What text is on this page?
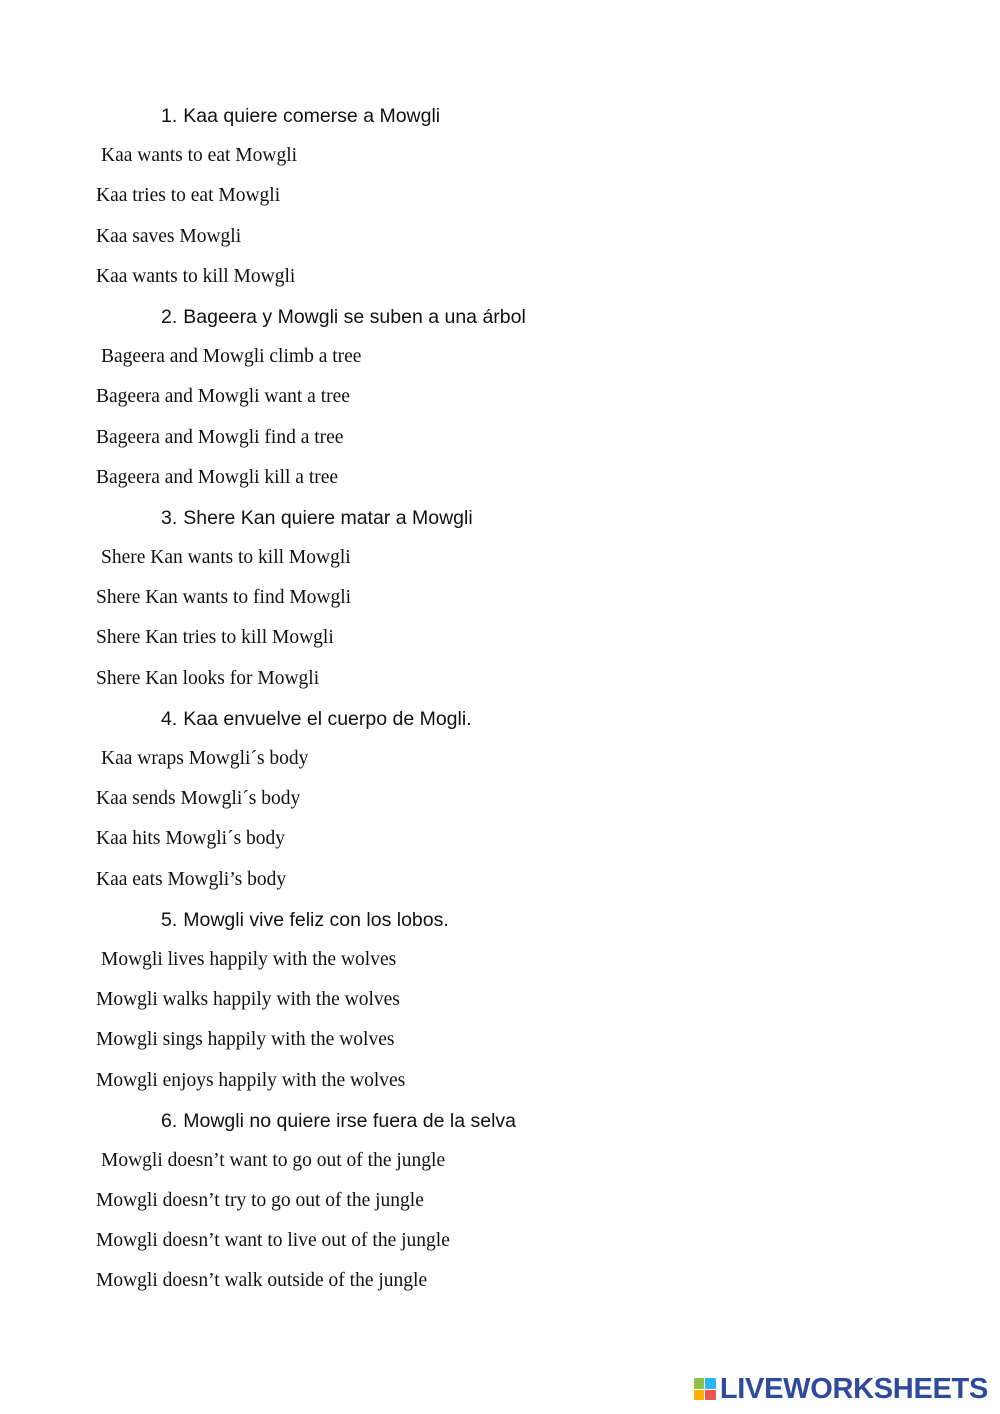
1. Kaa quiere comerse a Mowgli
Kaa wants to eat Mowgli
Kaa tries to eat Mowgli
Kaa saves Mowgli
Kaa wants to kill Mowgli
2. Bageera y Mowgli se suben a una árbol
Bageera and Mowgli climb a tree
Bageera and Mowgli want a tree
Bageera and Mowgli find a tree
Bageera and Mowgli kill a tree
3. Shere Kan quiere matar a Mowgli
Shere Kan wants to kill Mowgli
Shere Kan wants to find Mowgli
Shere Kan tries to kill Mowgli
Shere Kan looks for Mowgli
4. Kaa envuelve el cuerpo de Mogli.
Kaa wraps Mowgli´s body
Kaa sends Mowgli´s body
Kaa hits Mowgli´s body
Kaa eats Mowgli’s body
5. Mowgli vive feliz con los lobos.
Mowgli lives happily with the wolves
Mowgli walks happily with the wolves
Mowgli sings happily with the wolves
Mowgli enjoys happily with the wolves
6. Mowgli no quiere irse fuera de la selva
Mowgli doesn’t want to go out of the jungle
Mowgli doesn’t try to go out of the jungle
Mowgli doesn’t want to live out of the jungle
Mowgli doesn’t walk outside of the jungle
LIVEWORKSHEETS
